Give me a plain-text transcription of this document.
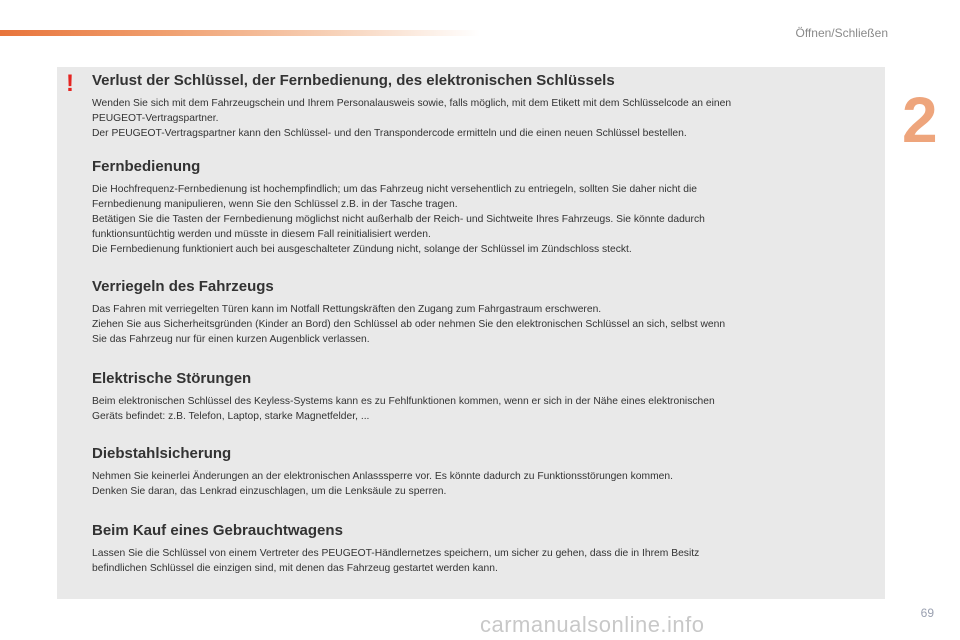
Öffnen/Schließen
2
! Verlust der Schlüssel, der Fernbedienung, des elektronischen Schlüssels

Wenden Sie sich mit dem Fahrzeugschein und Ihrem Personalausweis sowie, falls möglich, mit dem Etikett mit dem Schlüsselcode an einen
PEUGEOT-Vertragspartner.
Der PEUGEOT-Vertragspartner kann den Schlüssel- und den Transpondercode ermitteln und die einen neuen Schlüssel bestellen.

Fernbedienung

Die Hochfrequenz-Fernbedienung ist hochempfindlich; um das Fahrzeug nicht versehentlich zu entriegeln, sollten Sie daher nicht die
Fernbedienung manipulieren, wenn Sie den Schlüssel z.B. in der Tasche tragen.
Betätigen Sie die Tasten der Fernbedienung möglichst nicht außerhalb der Reich- und Sichtweite Ihres Fahrzeugs. Sie könnte dadurch
funktionsuntüchtig werden und müsste in diesem Fall reinitialisiert werden.
Die Fernbedienung funktioniert auch bei ausgeschalteter Zündung nicht, solange der Schlüssel im Zündschloss steckt.

Verriegeln des Fahrzeugs

Das Fahren mit verriegelten Türen kann im Notfall Rettungskräften den Zugang zum Fahrgastraum erschweren.
Ziehen Sie aus Sicherheitsgründen (Kinder an Bord) den Schlüssel ab oder nehmen Sie den elektronischen Schlüssel an sich, selbst wenn
Sie das Fahrzeug nur für einen kurzen Augenblick verlassen.

Elektrische Störungen

Beim elektronischen Schlüssel des Keyless-Systems kann es zu Fehlfunktionen kommen, wenn er sich in der Nähe eines elektronischen
Geräts befindet: z.B. Telefon, Laptop, starke Magnetfelder, ...

Diebstahlsicherung

Nehmen Sie keinerlei Änderungen an der elektronischen Anlasssperre vor. Es könnte dadurch zu Funktionsstörungen kommen.
Denken Sie daran, das Lenkrad einzuschlagen, um die Lenksäule zu sperren.

Beim Kauf eines Gebrauchtwagens

Lassen Sie die Schlüssel von einem Vertreter des PEUGEOT-Händlernetzes speichern, um sicher zu gehen, dass die in Ihrem Besitz
befindlichen Schlüssel die einzigen sind, mit denen das Fahrzeug gestartet werden kann.

carmanualsonline.info	69
